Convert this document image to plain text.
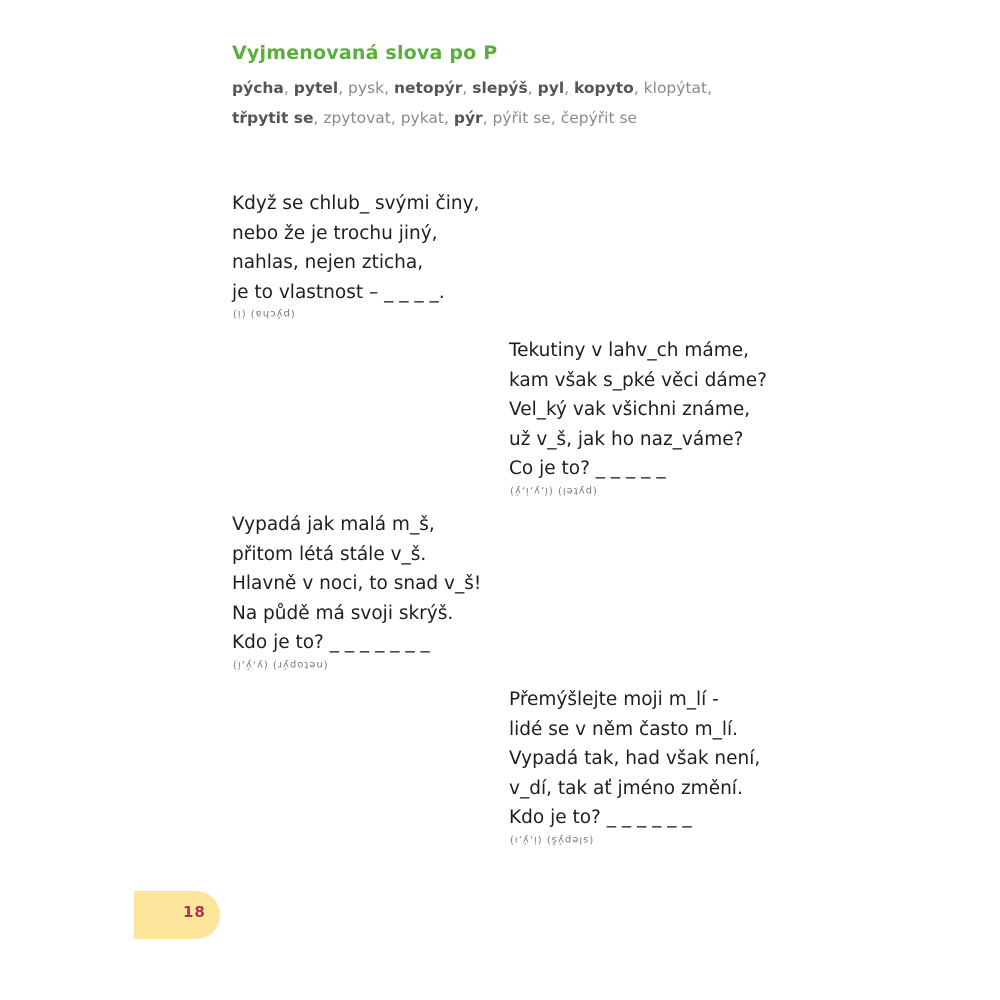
Vyjmenovaná slova po P
pýcha, pytel, pysk, netopýr, slepýš, pyl, kopyto, klopýtat,
třpytit se, zpytovat, pykat, pýr, pýřit se, čepýřit se
Když se chlub_ svými činy,
nebo že je trochu jiný,
nahlas, nejen zticha,
je to vlastnost – _ _ _ _.
(pýcha) (i)
Tekutiny v lahv_ch máme,
kam však s_pké věci dáme?
Vel_ký vak všichni známe,
už v_š, jak ho naz_váme?
Co je to? _ _ _ _ _
(pytel) (í,y,i,ý)
Vypadá jak malá m_š,
přitom létá stále v_š.
Hlavně v noci, to snad v_š!
Na půdě má svoji skrýš.
Kdo je to? _ _ _ _ _ _ _
(netopýr) (y,ý,í)
Přemýšlejte moji m_lí -
lidé se v něm často m_lí.
Vypadá tak, had však není,
v_dí, tak ať jméno změní.
Kdo je to? _ _ _ _ _ _
(slepýš) (i,ý,ı)
18
